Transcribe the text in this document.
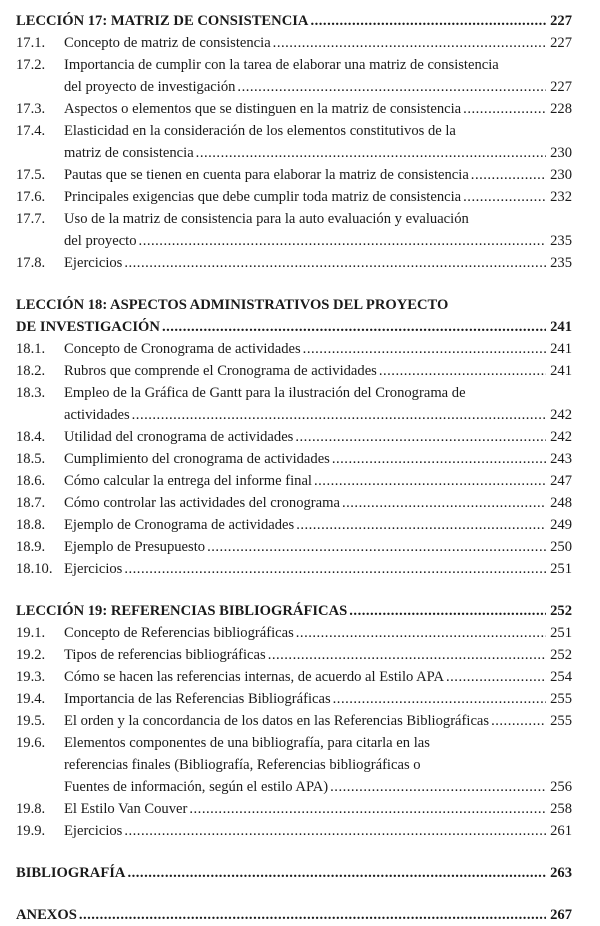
LECCIÓN 17: MATRIZ DE CONSISTENCIA .....	227
17.1.	Concepto de matriz de consistencia .....	227
17.2.	Importancia de cumplir con la tarea de elaborar una matriz de consistencia
del proyecto de investigación .....	227
17.3.	Aspectos o elementos que se distinguen en la matriz de consistencia .....	228
17.4.	Elasticidad en la consideración de los elementos constitutivos de la
matriz de consistencia .....	230
17.5.	Pautas que se tienen en cuenta para elaborar la matriz de consistencia .....	230
17.6.	Principales exigencias que debe cumplir toda matriz de consistencia .....	232
17.7.	Uso de la matriz de consistencia para la auto evaluación y evaluación
del proyecto .....	235
17.8.	Ejercicios .....	235
LECCIÓN 18: ASPECTOS ADMINISTRATIVOS DEL PROYECTO
DE INVESTIGACIÓN .....	241
18.1.	Concepto de Cronograma de actividades .....	241
18.2.	Rubros que comprende el Cronograma de actividades .....	241
18.3.	Empleo de la Gráfica de Gantt para la ilustración del Cronograma de
actividades .....	242
18.4.	Utilidad del cronograma de actividades .....	242
18.5.	Cumplimiento del cronograma de actividades .....	243
18.6.	Cómo calcular la entrega del informe final .....	247
18.7.	Cómo controlar las actividades del cronograma .....	248
18.8.	Ejemplo de Cronograma de actividades .....	249
18.9.	Ejemplo de Presupuesto .....	250
18.10. Ejercicios .....	251
LECCIÓN 19: REFERENCIAS BIBLIOGRÁFICAS .....	252
19.1.	Concepto de Referencias bibliográficas .....	251
19.2.	Tipos de referencias bibliográficas .....	252
19.3.	Cómo se hacen las referencias internas, de acuerdo al Estilo APA .....	254
19.4.	Importancia de las Referencias Bibliográficas .....	255
19.5.	El orden y la concordancia de los datos en las Referencias Bibliográficas .....	255
19.6.	Elementos componentes de una bibliografía, para citarla en las
referencias finales (Bibliografía, Referencias bibliográficas o
Fuentes de información, según el estilo APA) .....	256
19.8.	El Estilo Van Couver .....	258
19.9.	Ejercicios .....	261
BIBLIOGRAFÍA .....	263
ANEXOS .....	267
